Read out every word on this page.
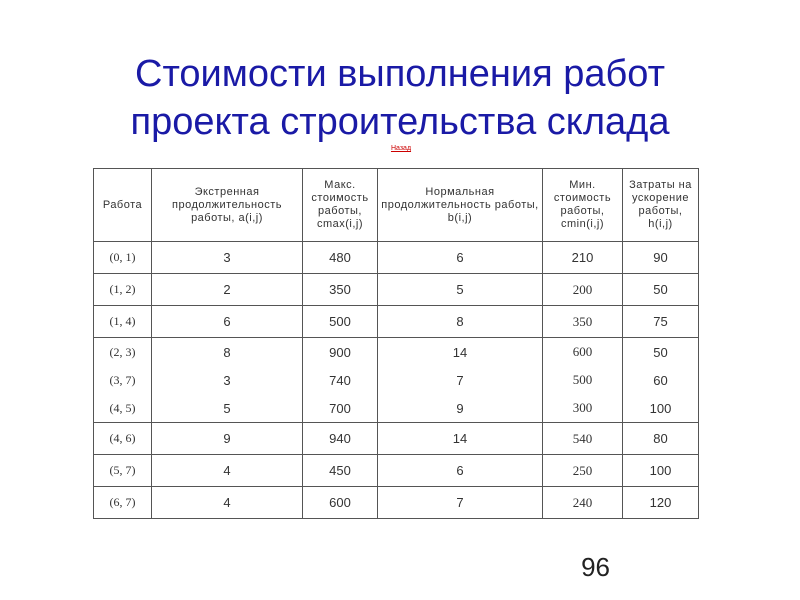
Стоимости выполнения работ
проекта строительства склада
Назад
Работа	Экстренная продолжительность работы, a(i,j)	Макс. стоимость работы, cmax(i,j)	Нормальная продолжительность работы, b(i,j)	Мин. стоимость работы, cmin(i,j)	Затраты на ускорение работы, h(i,j)
(0, 1)	3	480	6	210	90
(1, 2)	2	350	5	200	50
(1, 4)	6	500	8	350	75
(2, 3)	8	900	14	600	50
(3, 7)	3	740	7	500	60
(4, 5)	5	700	9	300	100
(4, 6)	9	940	14	540	80
(5, 7)	4	450	6	250	100
(6, 7)	4	600	7	240	120
96
